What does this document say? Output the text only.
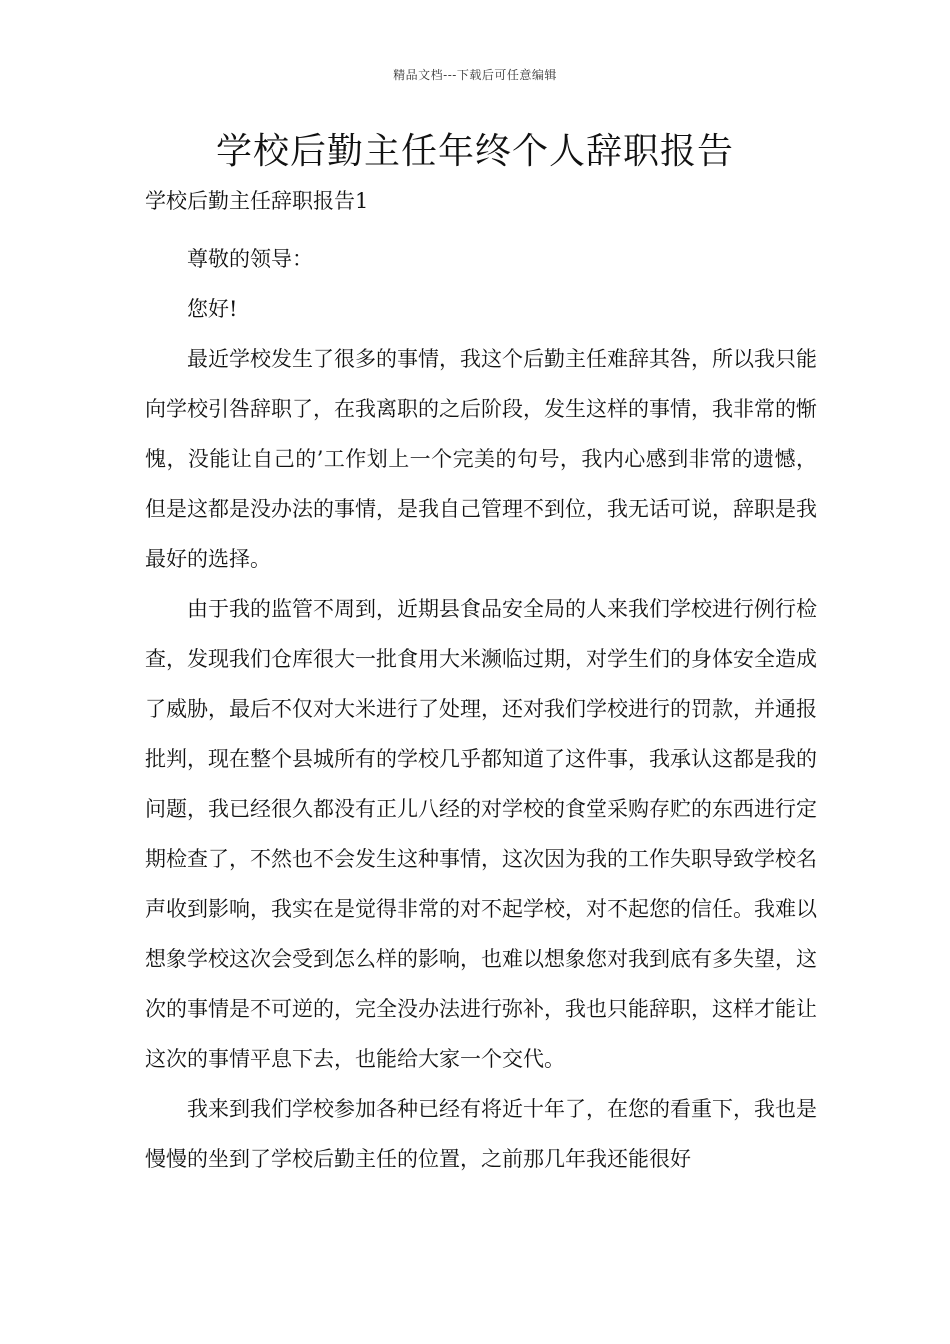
精品文档---下载后可任意编辑
学校后勤主任年终个人辞职报告
学校后勤主任辞职报告1

尊敬的领导：

您好!

最近学校发生了很多的事情，我这个后勤主任难辞其咎，所以我只能向学校引咎辞职了，在我离职的之后阶段，发生这样的事情，我非常的惭愧，没能让自己的’工作划上一个完美的句号，我内心感到非常的遗憾，但是这都是没办法的事情，是我自己管理不到位，我无话可说，辞职是我最好的选择。

由于我的监管不周到，近期县食品安全局的人来我们学校进行例行检查，发现我们仓库很大一批食用大米濒临过期，对学生们的身体安全造成了威胁，最后不仅对大米进行了处理，还对我们学校进行的罚款，并通报批判，现在整个县城所有的学校几乎都知道了这件事，我承认这都是我的问题，我已经很久都没有正儿八经的对学校的食堂采购存贮的东西进行定期检查了，不然也不会发生这种事情，这次因为我的工作失职导致学校名声收到影响，我实在是觉得非常的对不起学校，对不起您的信任。我难以想象学校这次会受到怎么样的影响，也难以想象您对我到底有多失望，这次的事情是不可逆的，完全没办法进行弥补，我也只能辞职，这样才能让这次的事情平息下去，也能给大家一个交代。

我来到我们学校参加各种已经有将近十年了，在您的看重下，我也是慢慢的坐到了学校后勤主任的位置，之前那几年我还能很好
